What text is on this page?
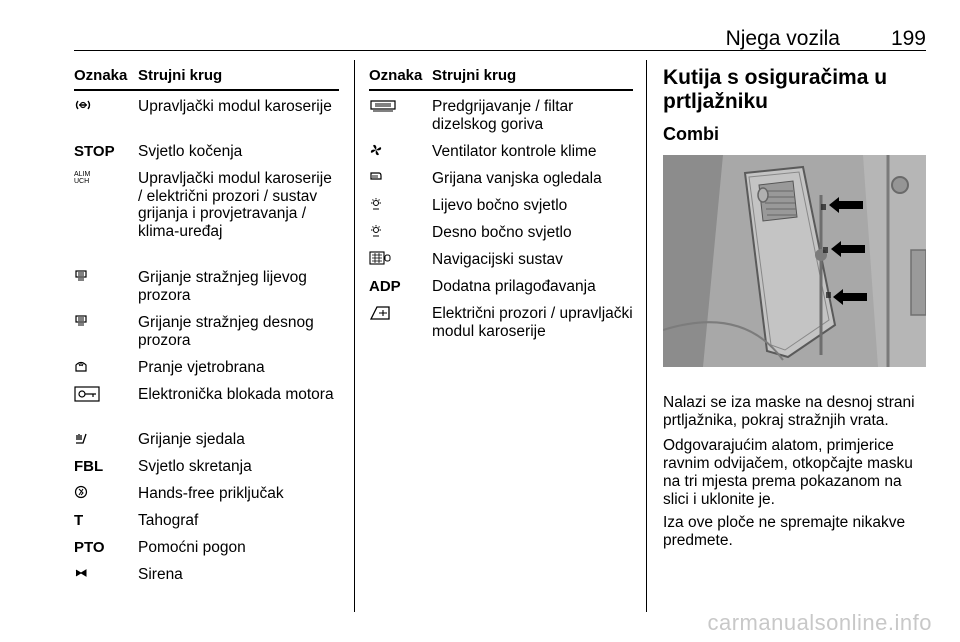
Njega vozila 199
Oznaka Strujni krug
Upravljački modul karoserije
STOP	Svjetlo kočenja
ALIM UCH	Upravljački modul karoserije / električni prozori / sustav grijanja i provjetravanja / klima-uređaj
Grijanje stražnjeg lijevog prozora
Grijanje stražnjeg desnog prozora
Pranje vjetrobrana
Elektronička blokada motora
Grijanje sjedala
FBL	Svjetlo skretanja
Hands-free priključak
T	Tahograf
PTO	Pomoćni pogon
Sirena
Oznaka Strujni krug
Predgrijavanje / filtar dizelskog goriva
Ventilator kontrole klime
Grijana vanjska ogledala
Lijevo bočno svjetlo
Desno bočno svjetlo
Navigacijski sustav
ADP	Dodatna prilagođavanja
Električni prozori / upravljački modul karoserije
Kutija s osiguračima u prtljažniku
Combi

Nalazi se iza maske na desnoj strani prtljažnika, pokraj stražnjih vrata.

Odgovarajućim alatom, primjerice ravnim odvijačem, otkopčajte masku na tri mjesta prema pokazanom na slici i uklonite je.

Iza ove ploče ne spremajte nikakve predmete.

carmanualsonline.info
